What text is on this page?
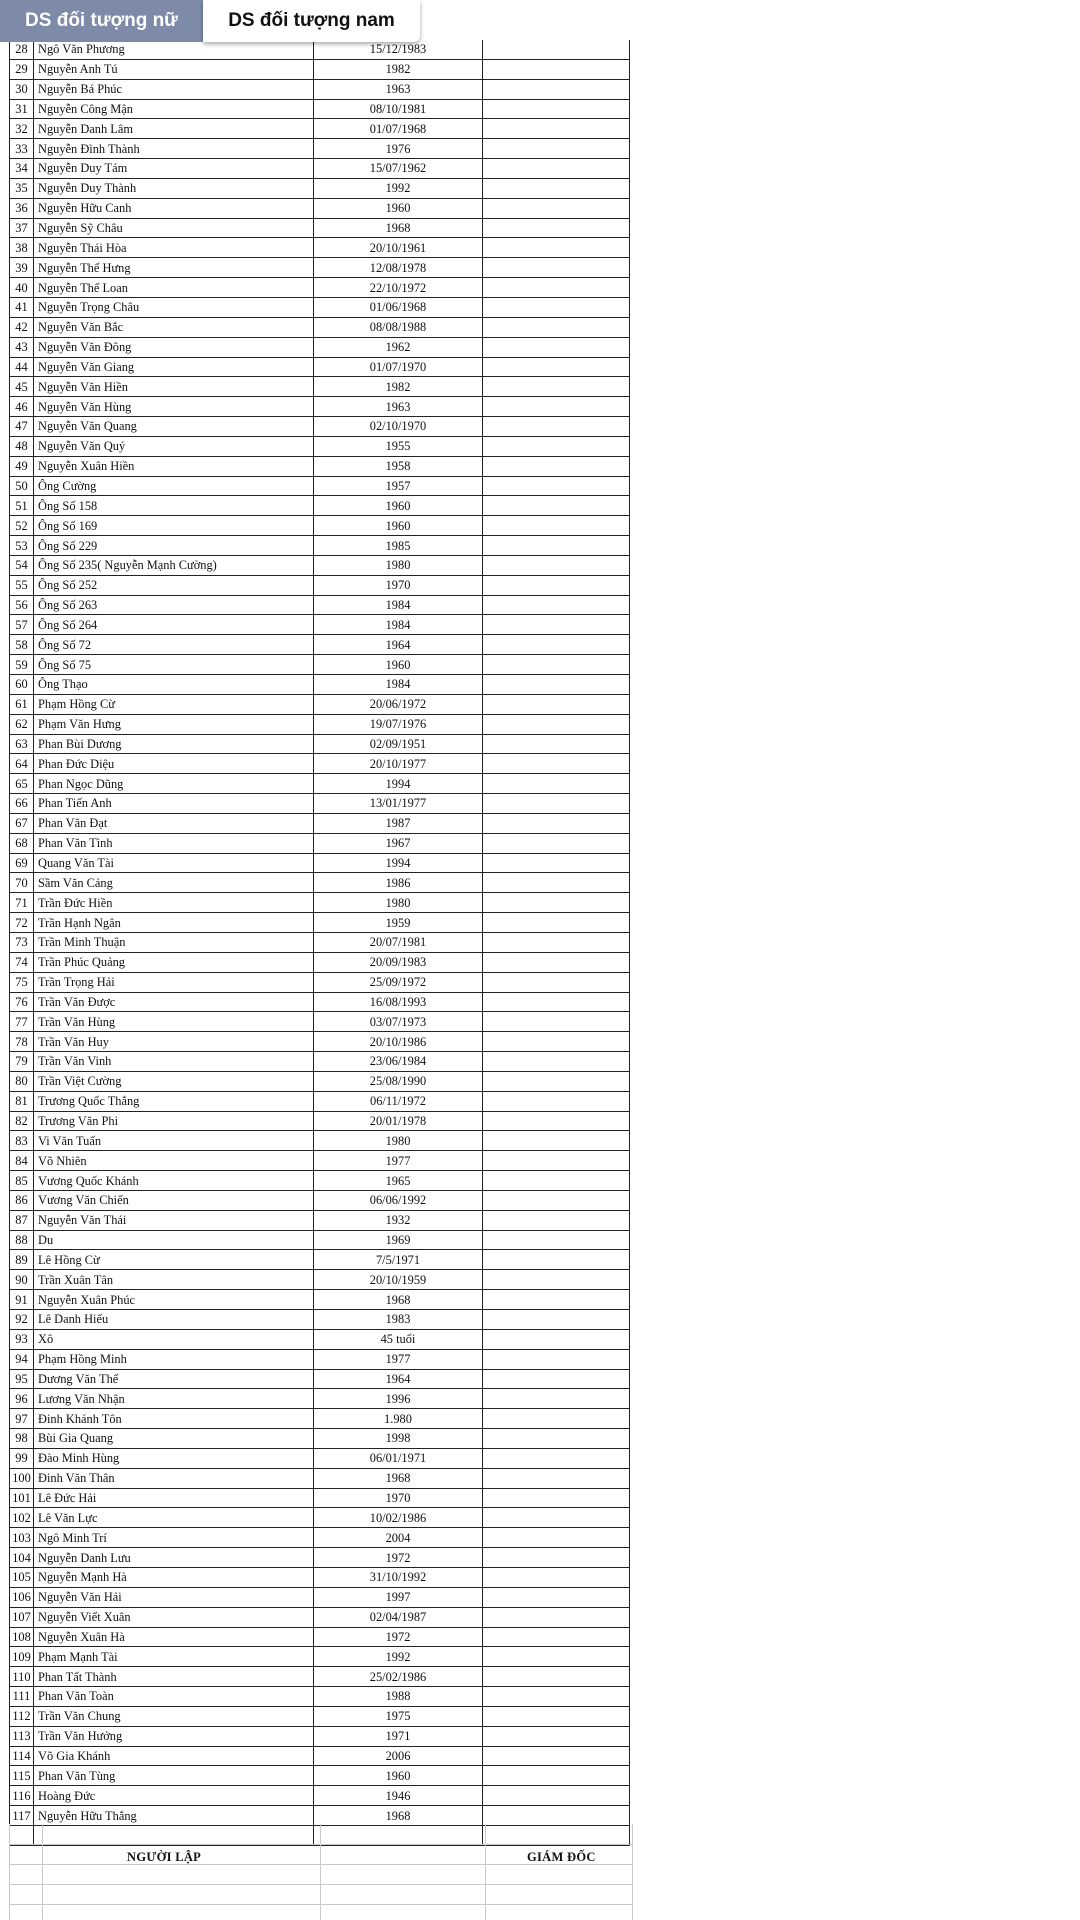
DS đối tượng nữ	DS đối tượng nam
28	Ngô Văn Phương	15/12/1983	
29	Nguyễn Anh Tú	1982	
30	Nguyễn Bá Phúc	1963	
31	Nguyễn Công Mận	08/10/1981	
32	Nguyễn Danh Lâm	01/07/1968	
33	Nguyễn Đình Thành	1976	
34	Nguyễn Duy Tám	15/07/1962	
35	Nguyễn Duy Thành	1992	
36	Nguyễn Hữu Canh	1960	
37	Nguyễn Sỹ Châu	1968	
38	Nguyễn Thái Hòa	20/10/1961	
39	Nguyễn Thế Hưng	12/08/1978	
40	Nguyễn Thế Loan	22/10/1972	
41	Nguyễn Trọng Châu	01/06/1968	
42	Nguyễn Văn Bắc	08/08/1988	
43	Nguyễn Văn Đông	1962	
44	Nguyễn Văn Giang	01/07/1970	
45	Nguyễn Văn Hiền	1982	
46	Nguyễn Văn Hùng	1963	
47	Nguyễn Văn Quang	02/10/1970	
48	Nguyễn Văn Quý	1955	
49	Nguyễn Xuân Hiền	1958	
50	Ông Cường	1957	
51	Ông Số 158	1960	
52	Ông Số 169	1960	
53	Ông Số 229	1985	
54	Ông Số 235( Nguyễn Mạnh Cường)	1980	
55	Ông Số 252	1970	
56	Ông Số 263	1984	
57	Ông Số 264	1984	
58	Ông Số 72	1964	
59	Ông Số 75	1960	
60	Ông Thạo	1984	
61	Phạm Hồng Cừ	20/06/1972	
62	Phạm Văn Hưng	19/07/1976	
63	Phan Bùi Dương	02/09/1951	
64	Phan Đức Diệu	20/10/1977	
65	Phan Ngọc Dũng	1994	
66	Phan Tiến Anh	13/01/1977	
67	Phan Văn Đạt	1987	
68	Phan Văn Tình	1967	
69	Quang Văn Tài	1994	
70	Sầm Văn Cảng	1986	
71	Trần Đức Hiền	1980	
72	Trần Hạnh Ngân	1959	
73	Trần Minh Thuận	20/07/1981	
74	Trần Phúc Quảng	20/09/1983	
75	Trần Trọng Hải	25/09/1972	
76	Trần Văn Được	16/08/1993	
77	Trần Văn Hùng	03/07/1973	
78	Trần Văn Huy	20/10/1986	
79	Trần Văn Vinh	23/06/1984	
80	Trần Việt Cường	25/08/1990	
81	Trương Quốc Thắng	06/11/1972	
82	Trương Văn Phi	20/01/1978	
83	Vi Văn Tuấn	1980	
84	Võ Nhiên	1977	
85	Vương Quốc Khánh	1965	
86	Vương Văn Chiến	06/06/1992	
87	Nguyễn Văn Thái	1932	
88	Du	1969	
89	Lê Hồng Cừ	7/5/1971	
90	Trần Xuân Tân	20/10/1959	
91	Nguyễn Xuân Phúc	1968	
92	Lê Danh Hiếu	1983	
93	Xô	45 tuổi	
94	Phạm Hồng Minh	1977	
95	Dương Văn Thế	1964	
96	Lương Văn Nhận	1996	
97	Đinh Khánh Tôn	1.980	
98	Bùi Gia Quang	1998	
99	Đào Minh Hùng	06/01/1971	
100	Đinh Văn Thân	1968	
101	Lê Đức Hải	1970	
102	Lê Văn Lực	10/02/1986	
103	Ngô Minh Trí	2004	
104	Nguyễn Danh Lưu	1972	
105	Nguyễn Mạnh Hà	31/10/1992	
106	Nguyễn Văn Hải	1997	
107	Nguyễn Viết Xuân	02/04/1987	
108	Nguyễn Xuân Hà	1972	
109	Phạm Mạnh Tài	1992	
110	Phan Tất Thành	25/02/1986	
111	Phan Văn Toàn	1988	
112	Trần Văn Chung	1975	
113	Trần Văn Hưởng	1971	
114	Võ Gia Khánh	2006	
115	Phan Văn Tùng	1960	
116	Hoàng Đức	1946	
117	Nguyễn Hữu Thắng	1968	

NGƯỜI LẬP	GIÁM ĐỐC
